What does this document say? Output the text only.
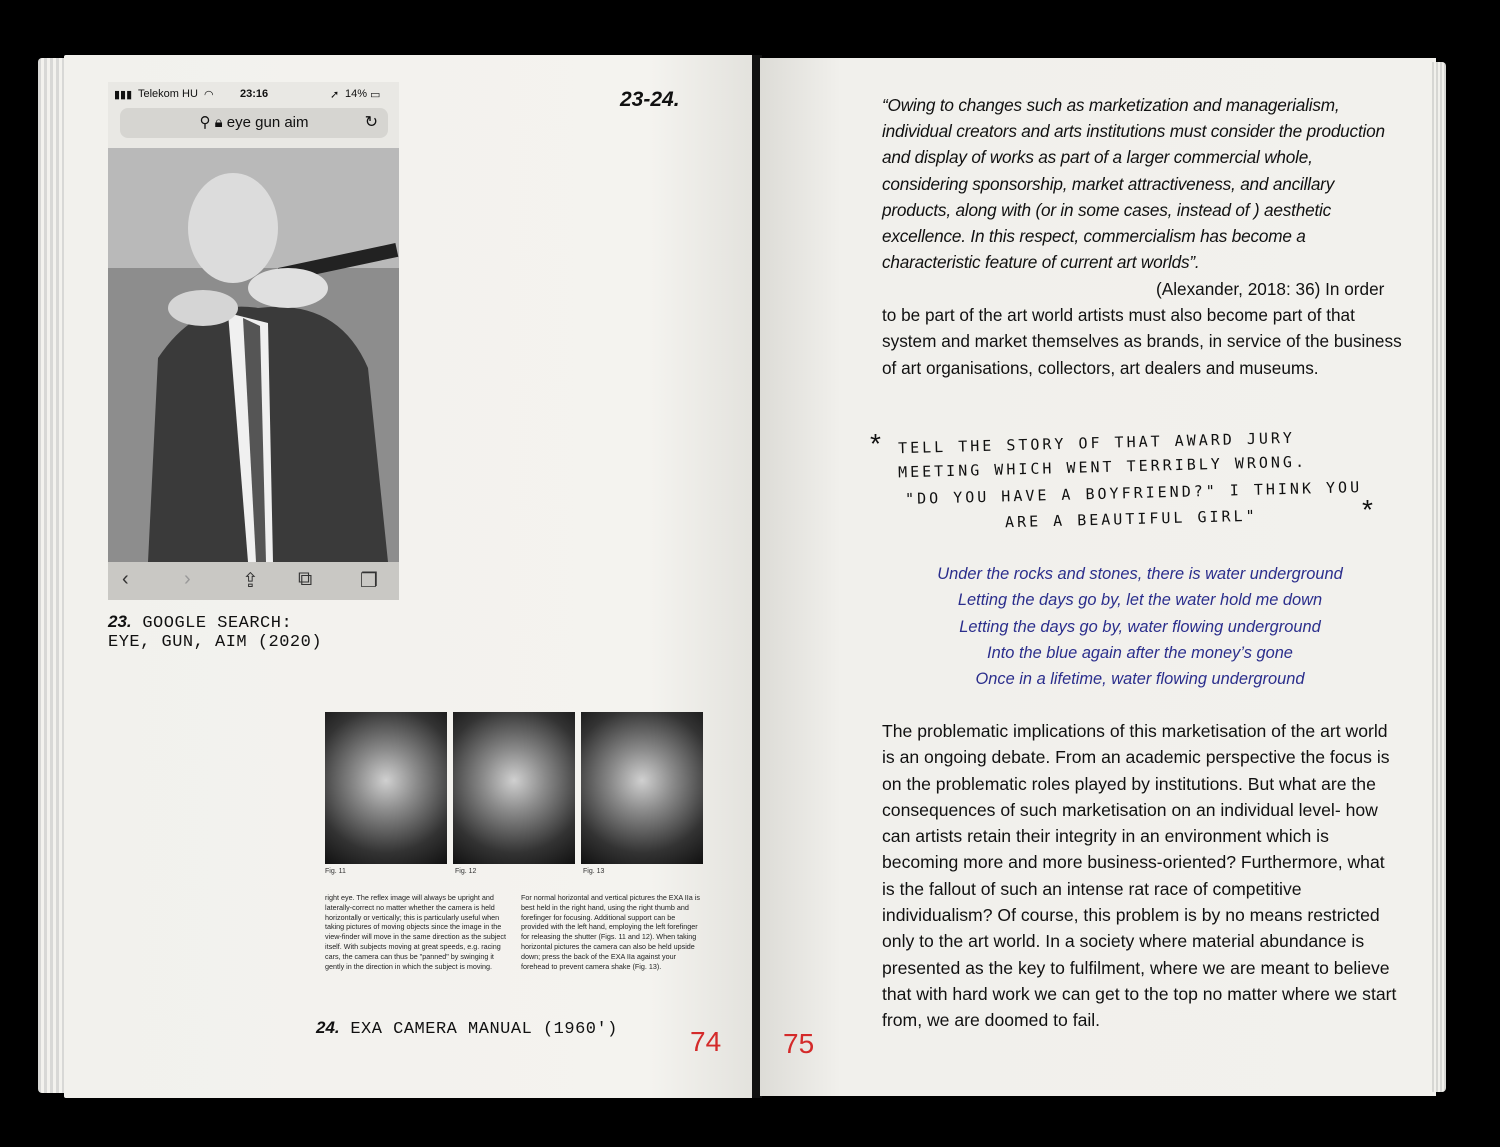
23-24.
▮▮▮ Telekom HU ◠ 23:16	➚ 14% ▭
⚲ 🔒︎ eye gun aim	↻
‹	›	⇪ ⧉ ❐
23. GOOGLE SEARCH:
EYE, GUN, AIM (2020)
Fig. 11	Fig. 12	Fig. 13
right eye. The reflex image will always be upright and laterally-correct no matter whether the camera is held horizontally or vertically; this is particularly useful when taking pictures of moving objects since the image in the view-finder will move in the same direction as the subject itself. With subjects moving at great speeds, e.g. racing cars, the camera can thus be "panned" by swinging it gently in the direction in which the subject is moving.
For normal horizontal and vertical pictures the EXA IIa is best held in the right hand, using the right thumb and forefinger for focusing. Additional support can be provided with the left hand, employing the left forefinger for releasing the shutter (Figs. 11 and 12). When taking horizontal pictures the camera can also be held upside down; press the back of the EXA IIa against your forehead to prevent camera shake (Fig. 13).
24. EXA CAMERA MANUAL (1960')	74 75
“Owing to changes such as marketization and managerialism, individual creators and arts institutions must consider the production and display of works as part of a larger commercial whole, considering sponsorship, market attractiveness, and ancillary products, along with (or in some cases, instead of ) aesthetic excellence. In this respect, commercialism has become a characteristic feature of current art worlds”.
(Alexander, 2018: 36) In order to be part of the art world artists must also become part of that system and market themselves as brands, in service of the business of art organisations, collectors, art dealers and museums.
* TELL THE STORY OF THAT AWARD JURY
MEETING WHICH WENT TERRIBLY WRONG.
"DO YOU HAVE A BOYFRIEND?" I THINK YOU
ARE A BEAUTIFUL GIRL"	*
Under the rocks and stones, there is water underground
Letting the days go by, let the water hold me down
Letting the days go by, water flowing underground
Into the blue again after the money’s gone
Once in a lifetime, water flowing underground
The problematic implications of this marketisation of the art world is an ongoing debate. From an academic perspective the focus is on the problematic roles played by institutions. But what are the consequences of such marketisation on an individual level- how can artists retain their integrity in an environment which is becoming more and more business-oriented? Furthermore, what is the fallout of such an intense rat race of competitive individualism? Of course, this problem is by no means restricted only to the art world. In a society where material abundance is presented as the key to fulfilment, where we are meant to believe that with hard work we can get to the top no matter where we start from, we are doomed to fail.
